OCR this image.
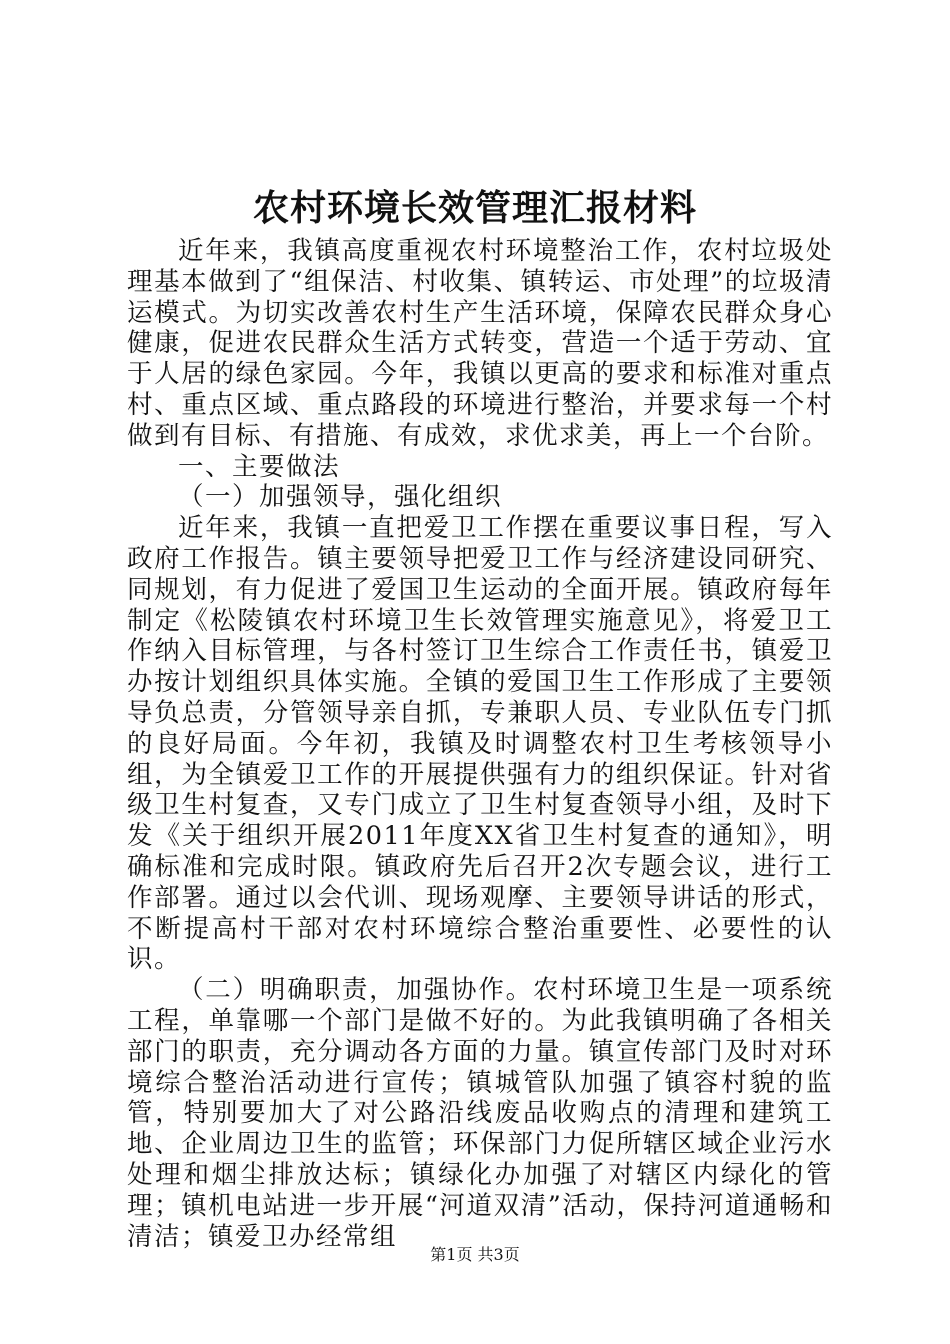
农村环境长效管理汇报材料

近年来，我镇高度重视农村环境整治工作，农村垃圾处理基本做到了“组保洁、村收集、镇转运、市处理”的垃圾清运模式。为切实改善农村生产生活环境，保障农民群众身心健康，促进农民群众生活方式转变，营造一个适于劳动、宜于人居的绿色家园。今年，我镇以更高的要求和标准对重点村、重点区域、重点路段的环境进行整治，并要求每一个村做到有目标、有措施、有成效，求优求美，再上一个台阶。

一、主要做法

（一）加强领导，强化组织

近年来，我镇一直把爱卫工作摆在重要议事日程，写入政府工作报告。镇主要领导把爱卫工作与经济建设同研究、同规划，有力促进了爱国卫生运动的全面开展。镇政府每年制定《松陵镇农村环境卫生长效管理实施意见》，将爱卫工作纳入目标管理，与各村签订卫生综合工作责任书，镇爱卫办按计划组织具体实施。全镇的爱国卫生工作形成了主要领导负总责，分管领导亲自抓，专兼职人员、专业队伍专门抓的良好局面。今年初，我镇及时调整农村卫生考核领导小组，为全镇爱卫工作的开展提供强有力的组织保证。针对省级卫生村复查，又专门成立了卫生村复查领导小组，及时下发《关于组织开展2011年度XX省卫生村复查的通知》，明确标准和完成时限。镇政府先后召开2次专题会议，进行工作部署。通过以会代训、现场观摩、主要领导讲话的形式，不断提高村干部对农村环境综合整治重要性、必要性的认识。

（二）明确职责，加强协作。农村环境卫生是一项系统工程，单靠哪一个部门是做不好的。为此我镇明确了各相关部门的职责，充分调动各方面的力量。镇宣传部门及时对环境综合整治活动进行宣传；镇城管队加强了镇容村貌的监管，特别要加大了对公路沿线废品收购点的清理和建筑工地、企业周边卫生的监管；环保部门力促所辖区域企业污水处理和烟尘排放达标；镇绿化办加强了对辖区内绿化的管理；镇机电站进一步开展“河道双清”活动，保持河道通畅和清洁；镇爱卫办经常组

第1页 共3页
